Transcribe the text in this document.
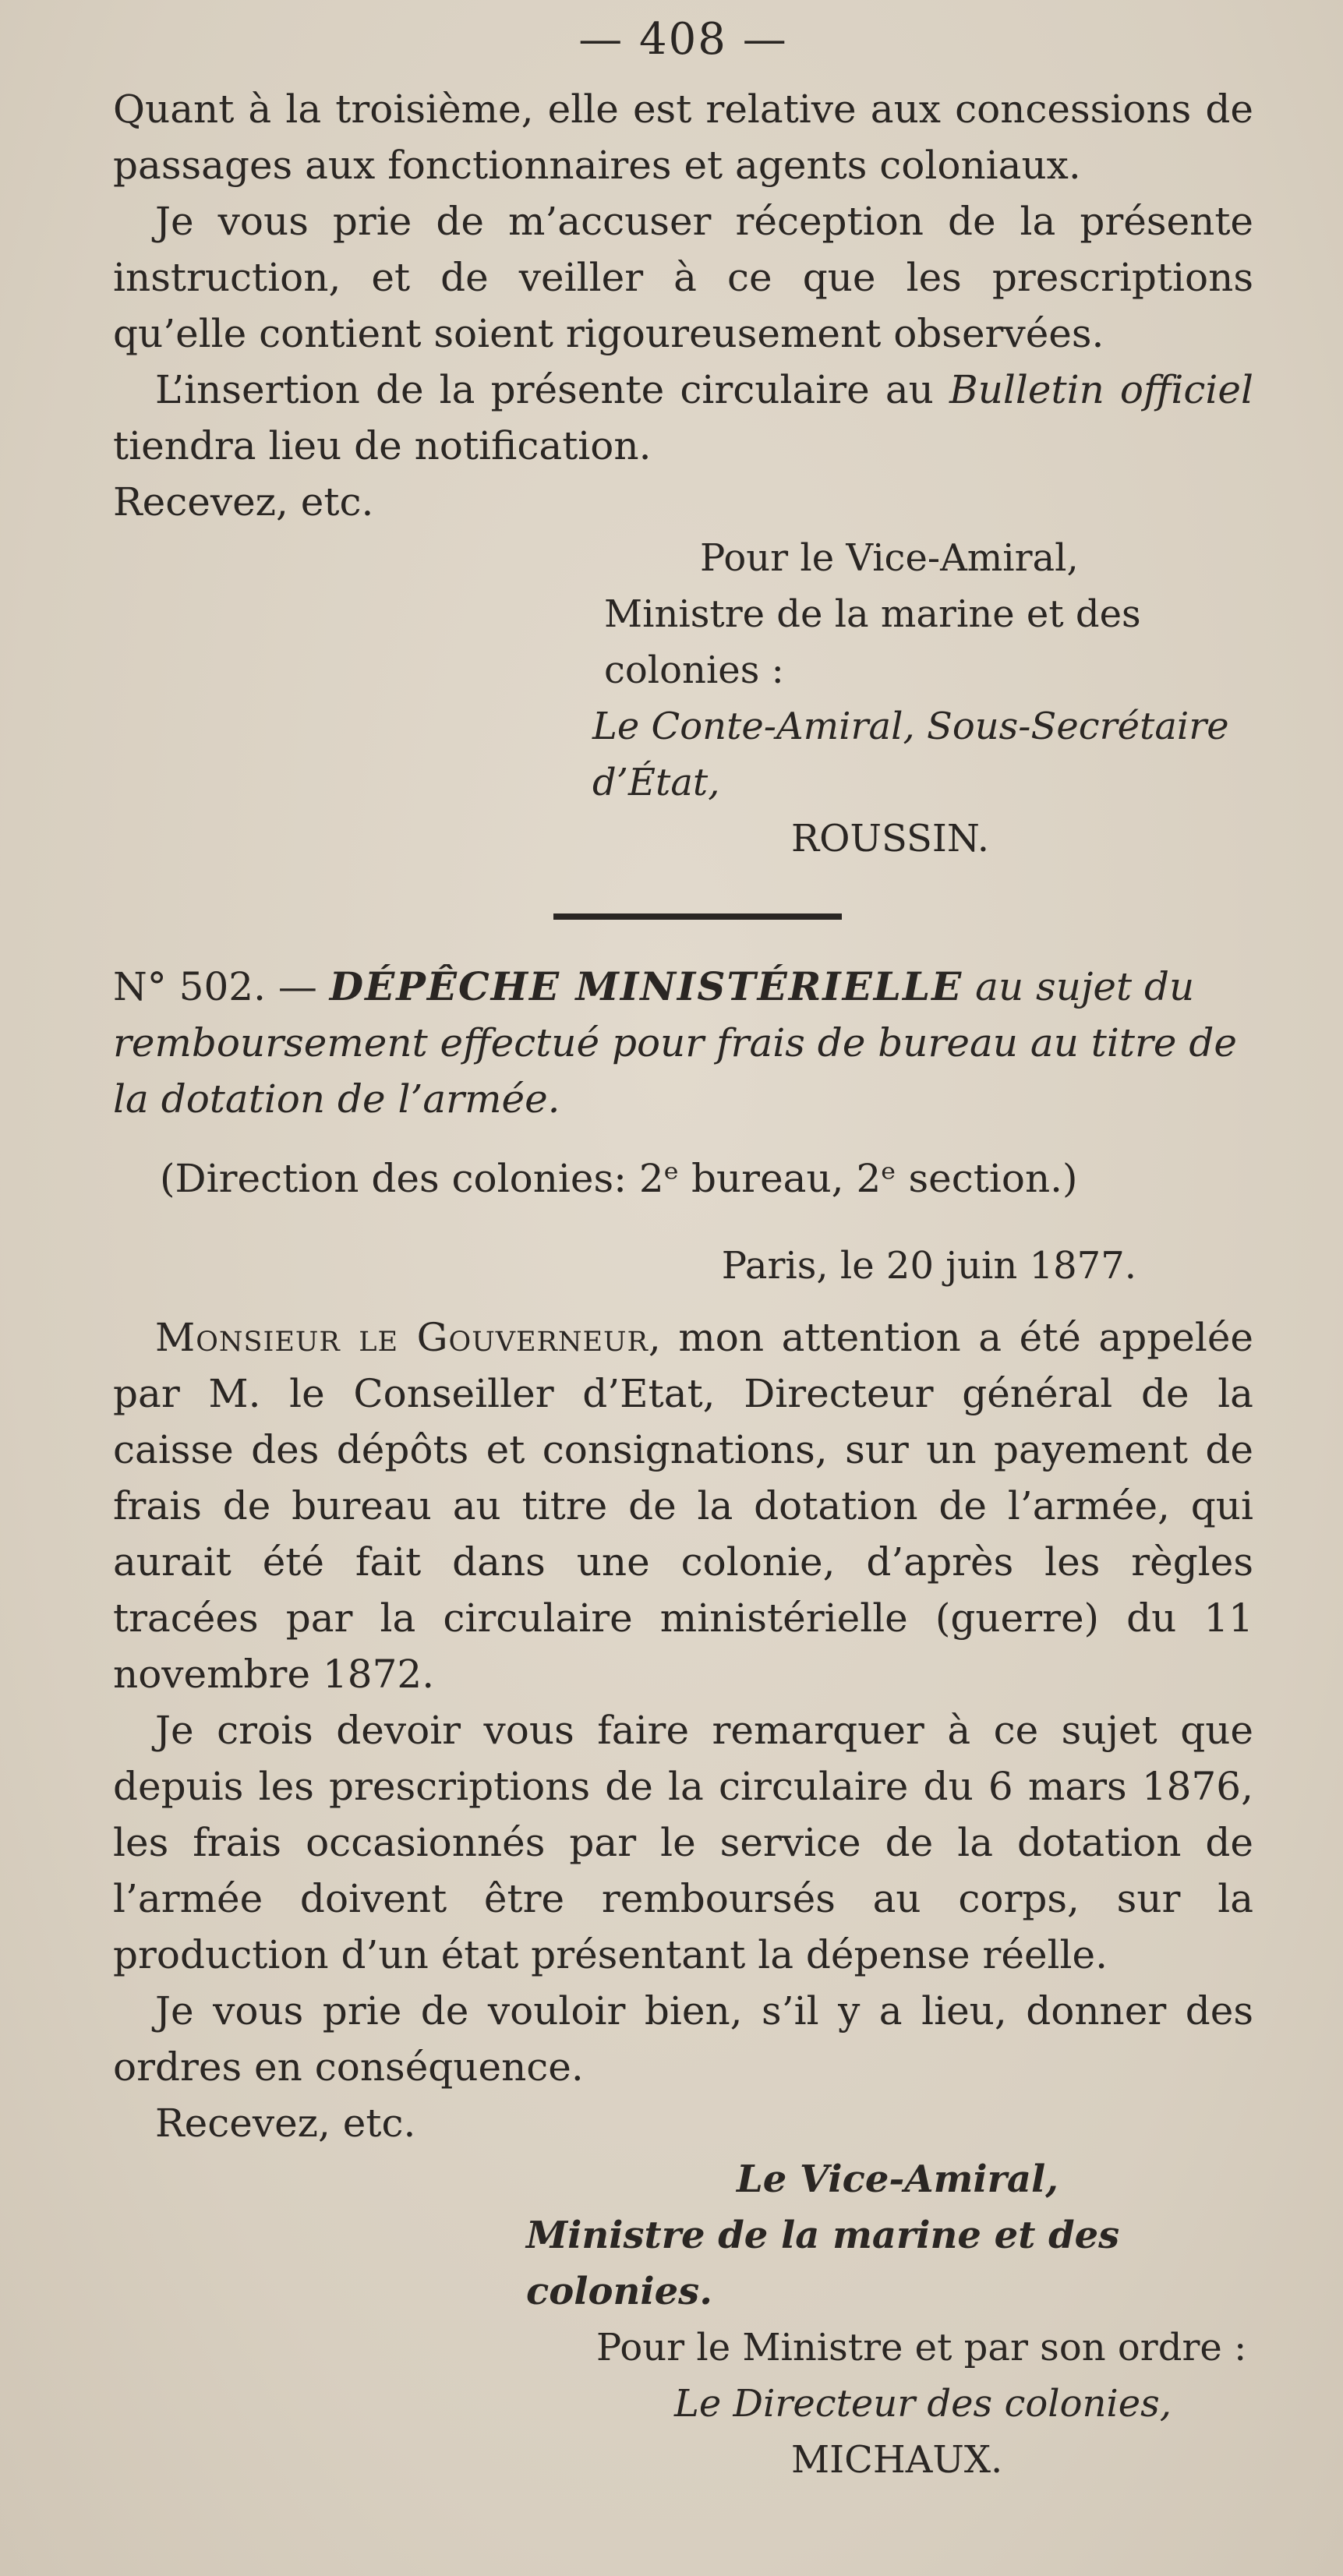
— 408 —

Quant à la troisième, elle est relative aux concessions de passages aux fonctionnaires et agents coloniaux.

Je vous prie de m’accuser réception de la présente instruction, et de veiller à ce que les prescriptions qu’elle contient soient rigoureusement observées.

L’insertion de la présente circulaire au Bulletin officiel tiendra lieu de notification.

Recevez, etc.

Pour le Vice-Amiral,

Ministre de la marine et des colonies :

Le Conte-Amiral, Sous-Secrétaire d’État,

ROUSSIN.

N° 502. — DÉPÊCHE MINISTÉRIELLE au sujet du remboursement effectué pour frais de bureau au titre de la dotation de l’armée.

(Direction des colonies: 2ᵉ bureau, 2ᵉ section.)

Paris, le 20 juin 1877.

Monsieur le Gouverneur, mon attention a été appelée par M. le Conseiller d’Etat, Directeur général de la caisse des dépôts et consignations, sur un payement de frais de bureau au titre de la dotation de l’armée, qui aurait été fait dans une colonie, d’après les règles tracées par la circulaire ministérielle (guerre) du 11 novembre 1872.

Je crois devoir vous faire remarquer à ce sujet que depuis les prescriptions de la circulaire du 6 mars 1876, les frais occasionnés par le service de la dotation de l’armée doivent être remboursés au corps, sur la production d’un état présentant la dépense réelle.

Je vous prie de vouloir bien, s’il y a lieu, donner des ordres en conséquence.

Recevez, etc.

Le Vice-Amiral,

Ministre de la marine et des colonies.

Pour le Ministre et par son ordre :

Le Directeur des colonies,

MICHAUX.
